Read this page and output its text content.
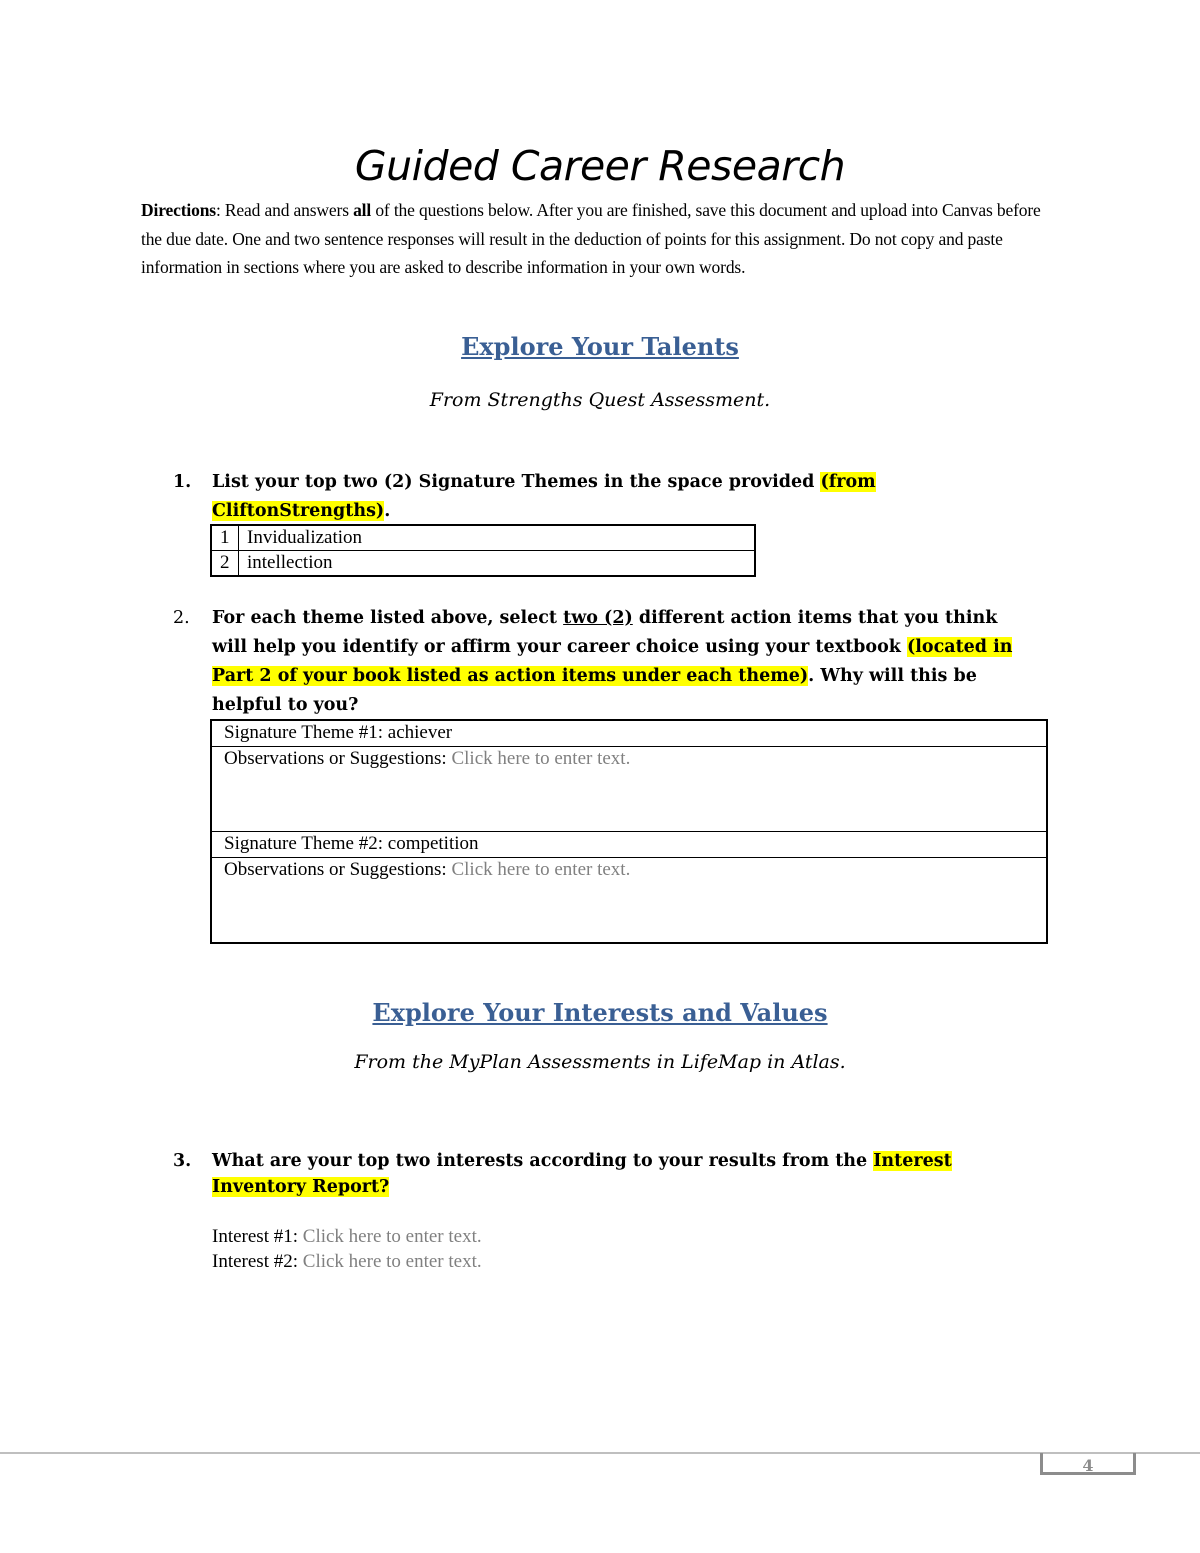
Guided Career Research

Directions: Read and answers all of the questions below. After you are finished, save this document and upload into Canvas before the due date. One and two sentence responses will result in the deduction of points for this assignment. Do not copy and paste information in sections where you are asked to describe information in your own words.

Explore Your Talents

From Strengths Quest Assessment.

1. List your top two (2) Signature Themes in the space provided (from CliftonStrengths).
1	Invidualization
2	intellection
2. For each theme listed above, select two (2) different action items that you think will help you identify or affirm your career choice using your textbook (located in Part 2 of your book listed as action items under each theme). Why will this be helpful to you?
Signature Theme #1: achiever
Observations or Suggestions: Click here to enter text.
Signature Theme #2: competition
Observations or Suggestions: Click here to enter text.
Explore Your Interests and Values

From the MyPlan Assessments in LifeMap in Atlas.

3. What are your top two interests according to your results from the Interest Inventory Report?
Interest #1: Click here to enter text.
Interest #2: Click here to enter text.
4
